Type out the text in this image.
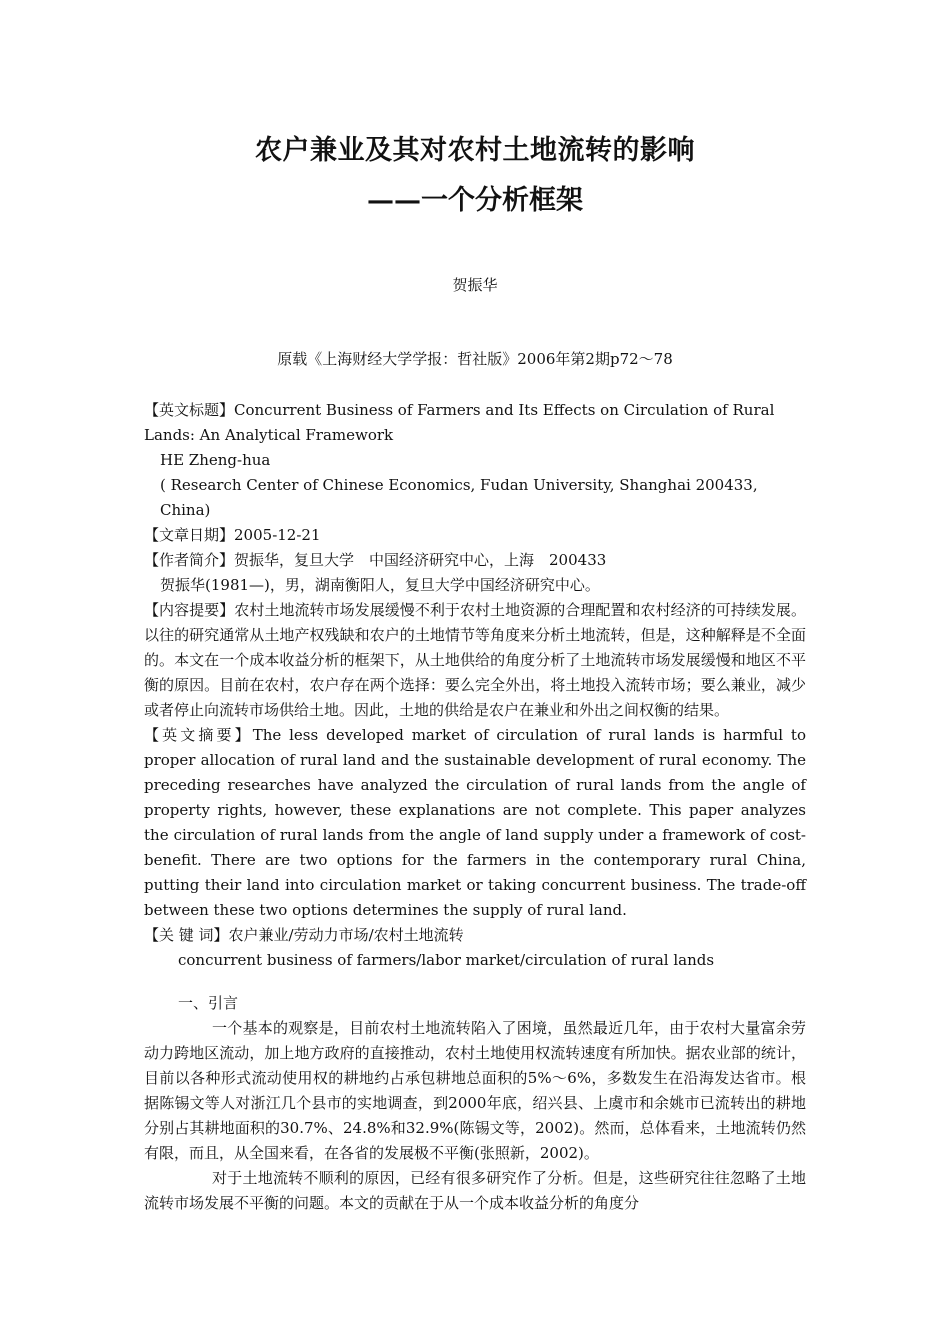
农户兼业及其对农村土地流转的影响
——一个分析框架
贺振华
原载《上海财经大学学报：哲社版》2006年第2期p72～78

【英文标题】Concurrent Business of Farmers and Its Effects on Circulation of Rural Lands: An Analytical Framework

HE Zheng-hua

( Research Center of Chinese Economics, Fudan University, Shanghai 200433, China)

【文章日期】2005-12-21

【作者简介】贺振华，复旦大学　中国经济研究中心，上海　200433

贺振华(1981—)，男，湖南衡阳人，复旦大学中国经济研究中心。

【内容提要】农村土地流转市场发展缓慢不利于农村土地资源的合理配置和农村经济的可持续发展。以往的研究通常从土地产权残缺和农户的土地情节等角度来分析土地流转，但是，这种解释是不全面的。本文在一个成本收益分析的框架下，从土地供给的角度分析了土地流转市场发展缓慢和地区不平衡的原因。目前在农村，农户存在两个选择：要么完全外出，将土地投入流转市场；要么兼业，减少或者停止向流转市场供给土地。因此，土地的供给是农户在兼业和外出之间权衡的结果。

【英文摘要】The less developed market of circulation of rural lands is harmful to proper allocation of rural land and the sustainable development of rural economy. The preceding researches have analyzed the circulation of rural lands from the angle of property rights, however, these explanations are not complete. This paper analyzes the circulation of rural lands from the angle of land supply under a framework of cost-benefit. There are two options for the farmers in the contemporary rural China, putting their land into circulation market or taking concurrent business. The trade-off between these two options determines the supply of rural land.

【关 键 词】农户兼业/劳动力市场/农村土地流转

concurrent business of farmers/labor market/circulation of rural lands

一、引言

一个基本的观察是，目前农村土地流转陷入了困境，虽然最近几年，由于农村大量富余劳动力跨地区流动，加上地方政府的直接推动，农村土地使用权流转速度有所加快。据农业部的统计，目前以各种形式流动使用权的耕地约占承包耕地总面积的5%～6%，多数发生在沿海发达省市。根据陈锡文等人对浙江几个县市的实地调查，到2000年底，绍兴县、上虞市和余姚市已流转出的耕地分别占其耕地面积的30.7%、24.8%和32.9%(陈锡文等，2002)。然而，总体看来，土地流转仍然有限，而且，从全国来看，在各省的发展极不平衡(张照新，2002)。

对于土地流转不顺利的原因，已经有很多研究作了分析。但是，这些研究往往忽略了土地流转市场发展不平衡的问题。本文的贡献在于从一个成本收益分析的角度分
